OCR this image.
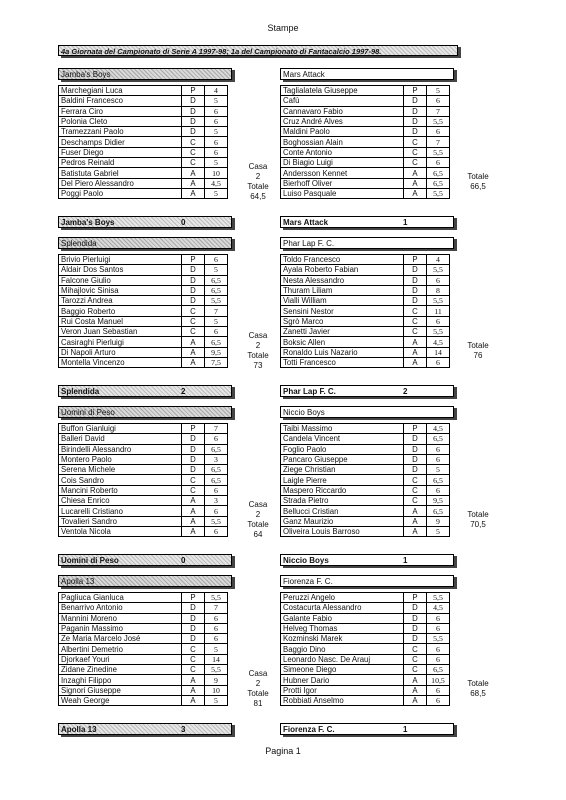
Stampe
4a Giornata del Campionato di Serie A 1997-98; 1a del Campionato di Fantacalcio 1997-98.
Jamba's Boys
Marchegiani Luca	P	4
Baldini Francesco	D	5
Ferrara Ciro	D	6
Polonia Cleto	D	6
Tramezzani Paolo	D	5
Deschamps Didier	C	6
Fuser Diego	C	6
Pedros Reinald	C	5
Batistuta Gabriel	A	10
Del Piero Alessandro	A	4,5
Poggi Paolo	A	5
Casa
2
Totale
64,5
Jamba's Boys	0
Mars Attack
Taglialatela Giuseppe	P	5
Cafù	D	6
Cannavaro Fabio	D	7
Cruz André Alves	D	5,5
Maldini Paolo	D	6
Boghossian Alain	C	7
Conte Antonio	C	5,5
Di Biagio Luigi	C	6
Andersson Kennet	A	6,5
Bierhoff Oliver	A	6,5
Luiso Pasquale	A	5,5
Totale
66,5
Mars Attack	1
Splendida
Brivio Pierluigi	P	6
Aldair Dos Santos	D	5
Falcone Giulio	D	6,5
Mihajlovic Sinisa	D	6,5
Tarozzi Andrea	D	5,5
Baggio Roberto	C	7
Rui Costa Manuel	C	5
Veron Juan Sebastian	C	6
Casiraghi Pierluigi	A	6,5
Di Napoli Arturo	A	9,5
Montella Vincenzo	A	7,5
Casa
2
Totale
73
Splendida	2
Phar Lap F. C.
Toldo Francesco	P	4
Ayala Roberto Fabian	D	5,5
Nesta Alessandro	D	6
Thuram Liliam	D	8
Vialli William	D	5,5
Sensini Nestor	C	11
Sgrò Marco	C	6
Zanetti Javier	C	5,5
Boksic Allen	A	4,5
Ronaldo Luis Nazario	A	14
Totti Francesco	A	6
Totale
76
Phar Lap F. C.	2
Uomini di Peso
Buffon Gianluigi	P	7
Balleri David	D	6
Birindelli Alessandro	D	6,5
Montero Paolo	D	3
Serena Michele	D	6,5
Cois Sandro	C	6,5
Mancini Roberto	C	6
Chiesa Enrico	A	3
Lucarelli Cristiano	A	6
Tovalieri Sandro	A	5,5
Ventola Nicola	A	6
Casa
2
Totale
64
Uomini di Peso	0
Niccio Boys
Taibi Massimo	P	4,5
Candela Vincent	D	6,5
Foglio Paolo	D	6
Pancaro Giuseppe	D	6
Ziege Christian	D	5
Laigle Pierre	C	6,5
Maspero Riccardo	C	6
Strada Pietro	C	9,5
Bellucci Cristian	A	6,5
Ganz Maurizio	A	9
Oliveira Louis Barroso	A	5
Totale
70,5
Niccio Boys	1
Apolla 13
Pagliuca Gianluca	P	5,5
Benarrivo Antonio	D	7
Mannini Moreno	D	6
Paganin Massimo	D	6
Ze Maria Marcelo José	D	6
Albertini Demetrio	C	5
Djorkaef Youri	C	14
Zidane Zinedine	C	5,5
Inzaghi Filippo	A	9
Signori Giuseppe	A	10
Weah George	A	5
Casa
2
Totale
81
Apolla 13	3
Fiorenza F. C.
Peruzzi Angelo	P	5,5
Costacurta Alessandro	D	4,5
Galante Fabio	D	6
Helveg Thomas	D	6
Kozminski Marek	D	5,5
Baggio Dino	C	6
Leonardo Nasc. De Arauj	C	6
Simeone Diego	C	6,5
Hubner Dario	A	10,5
Protti Igor	A	6
Robbiati Anselmo	A	6
Totale
68,5
Fiorenza F. C.	1
Pagina 1
